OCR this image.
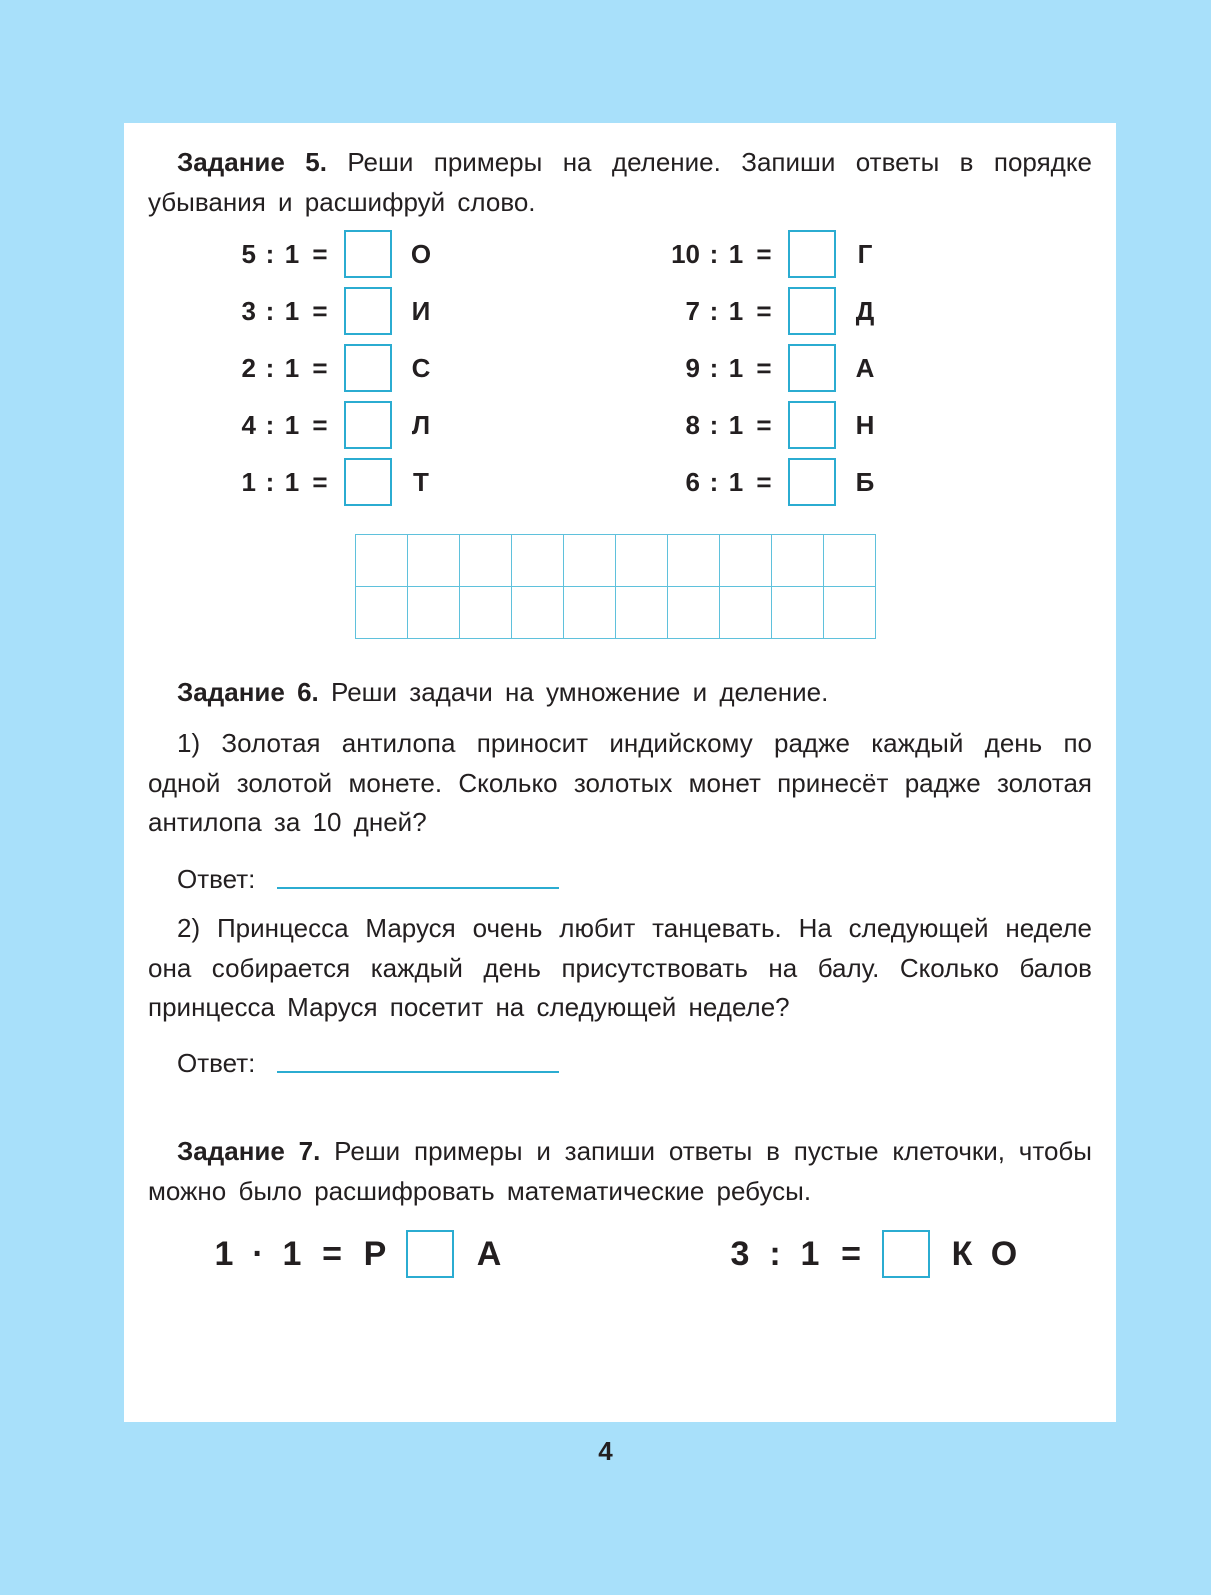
Задание 5. Реши примеры на деление. Запиши ответы в порядке убывания и расшифруй слово.

5 : 1 =	О
3 : 1 =	И
2 : 1 =	С
4 : 1 =	Л
1 : 1 =	Т
10 : 1 =	Г
7 : 1 =	Д
9 : 1 =	А
8 : 1 =	Н
6 : 1 =	Б

Задание 6. Реши задачи на умножение и деление.

1) Золотая антилопа приносит индийскому радже каждый день по одной золотой монете. Сколько золотых монет принесёт радже золотая антилопа за 10 дней?

Ответ:

2) Принцесса Маруся очень любит танцевать. На следующей неделе она собирается каждый день присутствовать на балу. Сколько балов принцесса Маруся посетит на следующей неделе?

Ответ:

Задание 7. Реши примеры и запиши ответы в пустые клеточки, чтобы можно было расшифровать математические ребусы.

1 · 1 = Р	А	3 : 1 =	К О
4
